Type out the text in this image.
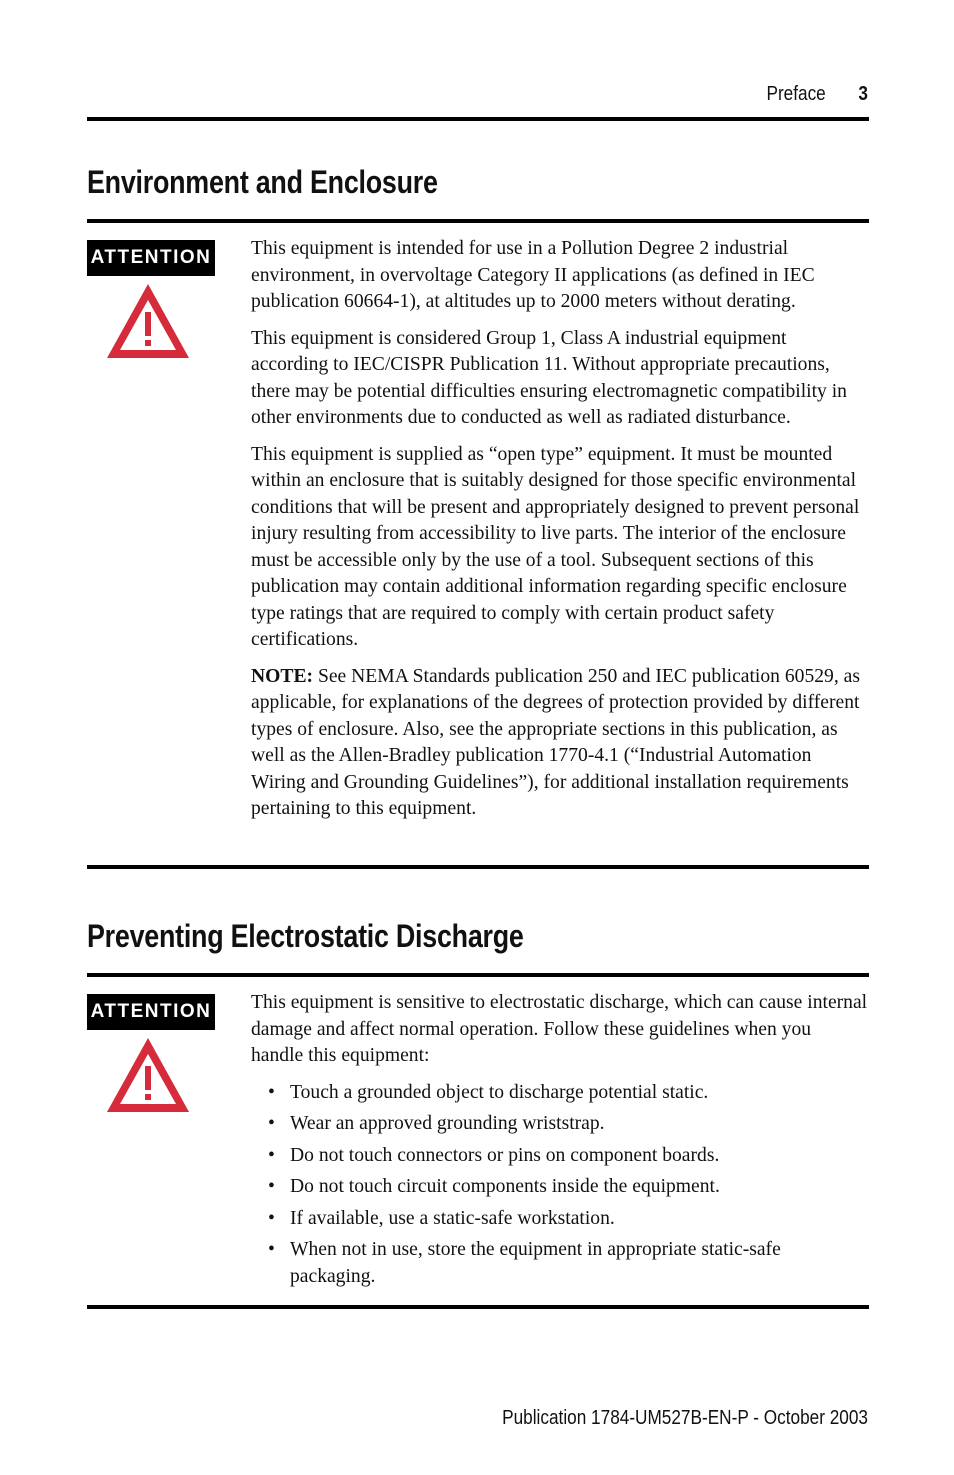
Preface 3
Environment and Enclosure
ATTENTION This equipment is intended for use in a Pollution Degree 2 industrial environment, in overvoltage Category II applications (as defined in IEC publication 60664-1), at altitudes up to 2000 meters without derating.

This equipment is considered Group 1, Class A industrial equipment according to IEC/CISPR Publication 11. Without appropriate precautions, there may be potential difficulties ensuring electromagnetic compatibility in other environments due to conducted as well as radiated disturbance.

This equipment is supplied as “open type” equipment. It must be mounted within an enclosure that is suitably designed for those specific environmental conditions that will be present and appropriately designed to prevent personal injury resulting from accessibility to live parts. The interior of the enclosure must be accessible only by the use of a tool. Subsequent sections of this publication may contain additional information regarding specific enclosure type ratings that are required to comply with certain product safety certifications.

NOTE: See NEMA Standards publication 250 and IEC publication 60529, as applicable, for explanations of the degrees of protection provided by different types of enclosure. Also, see the appropriate sections in this publication, as well as the Allen-Bradley publication 1770-4.1 (“Industrial Automation Wiring and Grounding Guidelines”), for additional installation requirements pertaining to this equipment.

Preventing Electrostatic Discharge
ATTENTION This equipment is sensitive to electrostatic discharge, which can cause internal damage and affect normal operation. Follow these guidelines when you handle this equipment:

• Touch a grounded object to discharge potential static.
• Wear an approved grounding wriststrap.
• Do not touch connectors or pins on component boards.
• Do not touch circuit components inside the equipment.
• If available, use a static-safe workstation.
• When not in use, store the equipment in appropriate static-safe packaging.
Publication 1784-UM527B-EN-P - October 2003
